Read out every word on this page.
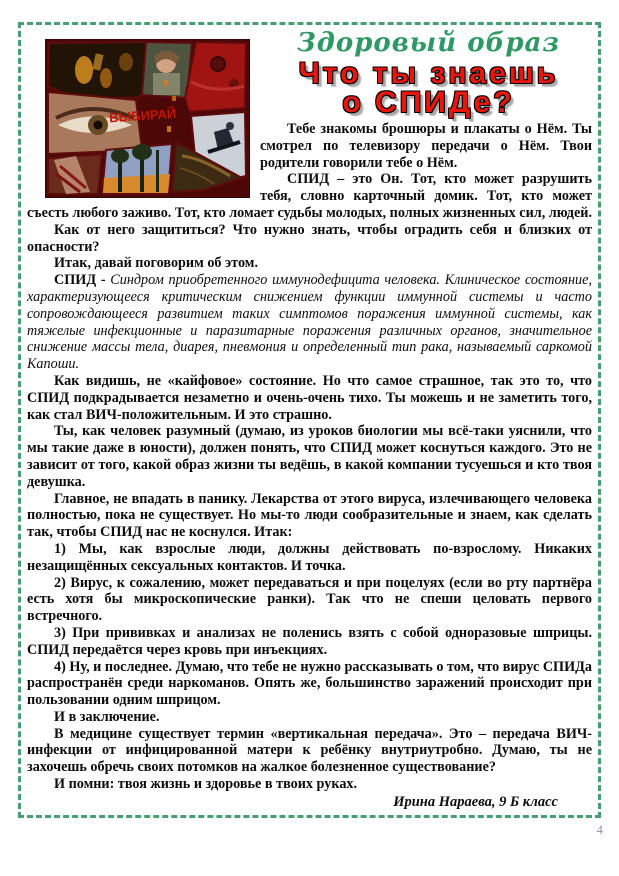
ВЫБИРАЙ
Здоровый образ
Что ты знаешь
о СПИДе?

Тебе знакомы брошюры и плакаты о Нём. Ты смотрел по телевизору передачи о Нём. Твои родители говорили тебе о Нём.

СПИД – это Он. Тот, кто может разрушить тебя, словно карточный домик. Тот, кто может съесть любого заживо. Тот, кто ломает судьбы молодых, полных жизненных сил, людей.

Как от него защититься? Что нужно знать, чтобы оградить себя и близких от опасности?

Итак, давай поговорим об этом.

СПИД - Синдром приобретенного иммунодефицита человека. Клиническое состояние, характеризующееся критическим снижением функции иммунной системы и часто сопровождающееся развитием таких симптомов поражения иммунной системы, как тяжелые инфекционные и паразитарные поражения различных органов, значительное снижение массы тела, диарея, пневмония и определенный тип рака, называемый саркомой Капоши.

Как видишь, не «кайфовое» состояние. Но что самое страшное, так это то, что СПИД подкрадывается незаметно и очень-очень тихо. Ты можешь и не заметить того, как стал ВИЧ-положительным. И это страшно.

Ты, как человек разумный (думаю, из уроков биологии мы всё-таки уяснили, что мы такие даже в юности), должен понять, что СПИД может коснуться каждого. Это не зависит от того, какой образ жизни ты ведёшь, в какой компании тусуешься и кто твоя девушка.

Главное, не впадать в панику. Лекарства от этого вируса, излечивающего человека полностью, пока не существует. Но мы-то люди сообразительные и знаем, как сделать так, чтобы СПИД нас не коснулся. Итак:

1) Мы, как взрослые люди, должны действовать по-взрослому. Никаких незащищённых сексуальных контактов. И точка.

2) Вирус, к сожалению, может передаваться и при поцелуях (если во рту партнёра есть хотя бы микроскопические ранки). Так что не спеши целовать первого встречного.

3) При прививках и анализах не поленись взять с собой одноразовые шприцы. СПИД передаётся через кровь при инъекциях.

4) Ну, и последнее. Думаю, что тебе не нужно рассказывать о том, что вирус СПИДа распространён среди наркоманов. Опять же, большинство заражений происходит при пользовании одним шприцом.

И в заключение.

В медицине существует термин «вертикальная передача». Это – передача ВИЧ-инфекции от инфицированной матери к ребёнку внутриутробно. Думаю, ты не захочешь обречь своих потомков на жалкое болезненное существование?

И помни: твоя жизнь и здоровье в твоих руках.

Ирина Нараева, 9 Б класс
4
